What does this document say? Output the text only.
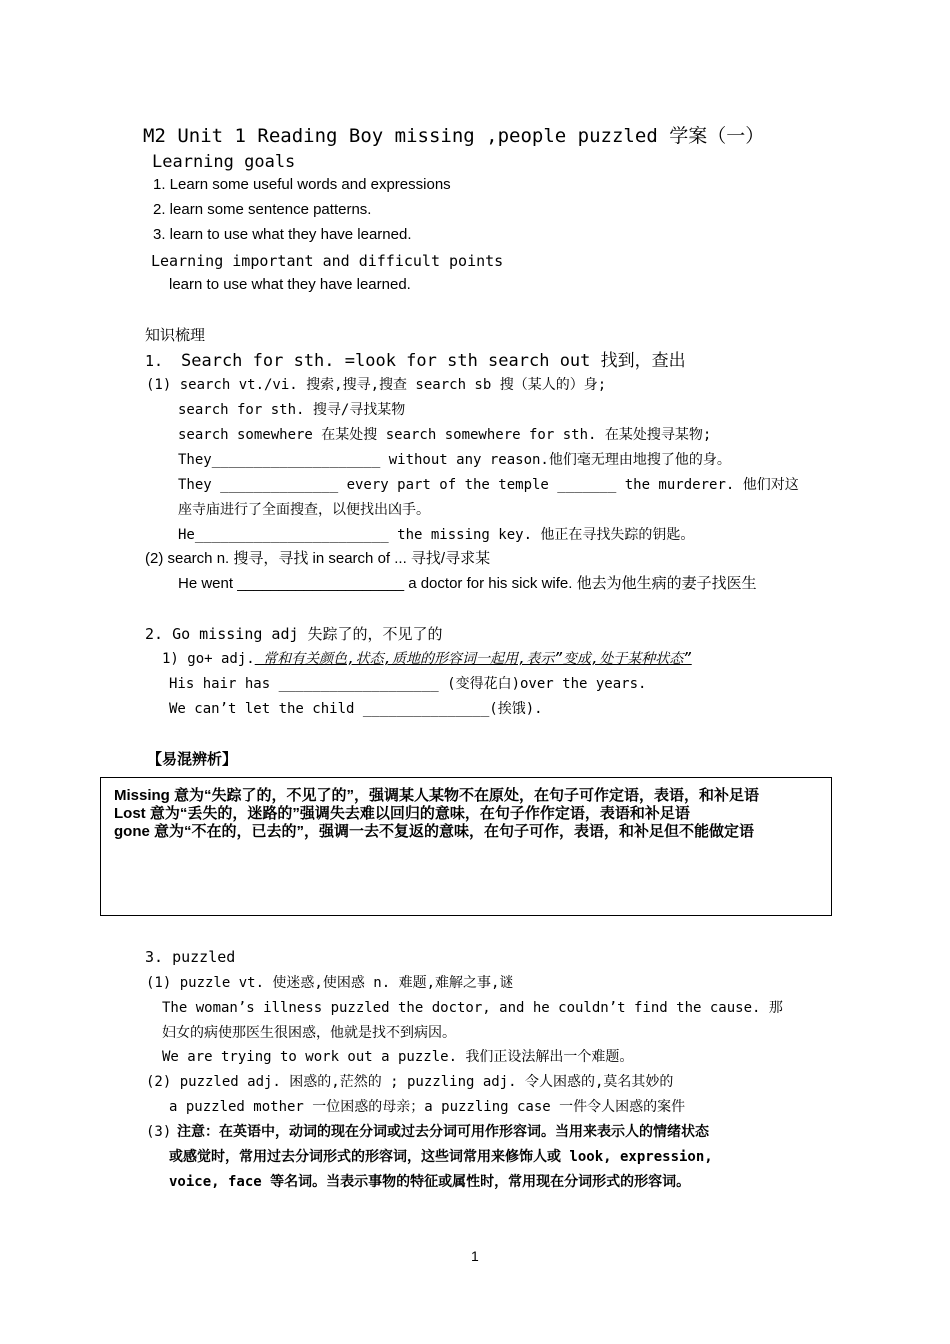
M2 Unit 1 Reading Boy missing ,people puzzled 学案（一）
Learning goals
1. Learn some useful words and expressions
2. learn some sentence patterns.
3. learn to use what they have learned.
Learning important and difficult points
learn to use what they have learned.
知识梳理
1. Search for sth. =look for sth search out 找到，查出
(1) search vt./vi. 搜索,搜寻,搜查 search sb 搜（某人的）身;
search for sth. 搜寻/寻找某物
search somewhere 在某处搜 search somewhere for sth. 在某处搜寻某物;
They____________________ without any reason.他们毫无理由地搜了他的身。
They ______________ every part of the temple _______ the murderer. 他们对这
座寺庙进行了全面搜查，以便找出凶手。
He_______________________ the missing key. 他正在寻找失踪的钥匙。
(2) search n. 搜寻，寻找 in search of ... 寻找/寻求某
He went ____________________ a doctor for his sick wife. 他去为他生病的妻子找医生
2. Go missing adj 失踪了的，不见了的
1) go+ adj. 常和有关颜色,状态,质地的形容词一起用,表示”变成,处于某种状态”
His hair has ___________________ (变得花白)over the years.
We can’t let the child _______________(挨饿).
【易混辨析】
Missing 意为“失踪了的，不见了的”，强调某人某物不在原处，在句子可作定语，表语，和补足语
Lost 意为“丢失的，迷路的”强调失去难以回归的意味，在句子作作定语，表语和补足语
gone 意为“不在的，已去的”，强调一去不复返的意味，在句子可作，表语，和补足但不能做定语
3. puzzled
(1) puzzle vt. 使迷惑,使困惑 n. 难题,难解之事,谜
The woman’s illness puzzled the doctor, and he couldn’t find the cause. 那
妇女的病使那医生很困惑，他就是找不到病因。
We are trying to work out a puzzle. 我们正设法解出一个难题。
(2) puzzled adj. 困惑的,茫然的 ; puzzling adj. 令人困惑的,莫名其妙的
a puzzled mother 一位困惑的母亲；a puzzling case 一件令人困惑的案件
(3) 注意：在英语中，动词的现在分词或过去分词可用作形容词。当用来表示人的情绪状态
或感觉时，常用过去分词形式的形容词，这些词常用来修饰人或 look, expression,
voice, face 等名词。当表示事物的特征或属性时，常用现在分词形式的形容词。
1
